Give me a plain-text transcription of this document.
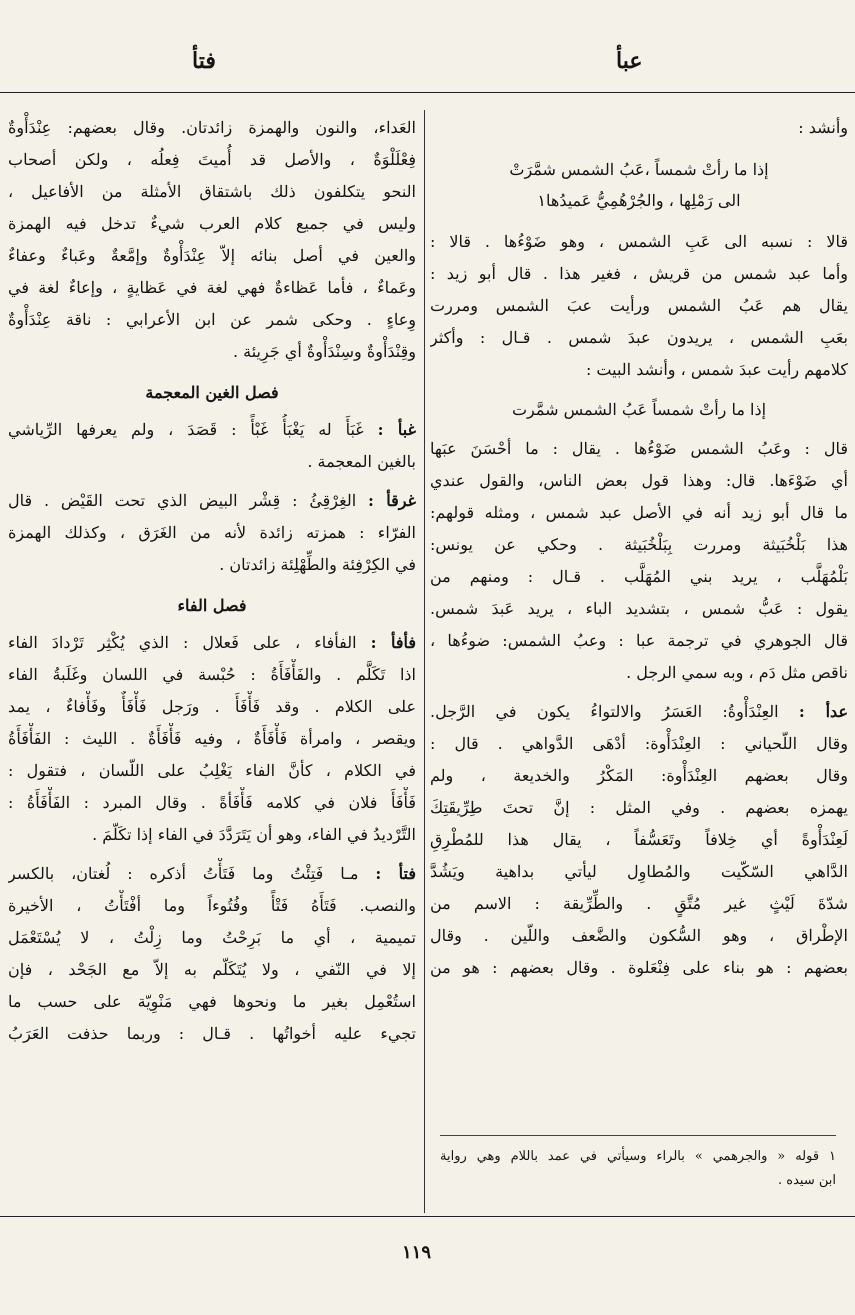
عبأ
فتأ
وأنشد :
إذا ما رأتْ شمساً ،عَبُ الشمس شمَّرَتْ
الى رَمْلِها ، والجُرْهُمِيُّ عَميدُها١
قالا : نسبه الى عَبِ الشمس ، وهو ضَوْءُها . قالا :
وأما عبد شمس من قريش ، فغير هذا . قال أبو زيد :
يقال هم عَبُ الشمس ورأيت عبَ الشمس ومررت
بعَبِ الشمس ، يريدون عبدَ شمس . قـال : وأكثر
كلامهم رأيت عبدَ شمس ، وأنشد البيت :
إذا ما رأتْ شمساً عَبُ الشمس شمَّرت
قال : وعَبُ الشمس ضَوْءُها . يقال : ما أحْسَنَ عبَها
أي ضَوْءَها. قال: وهذا قول بعض الناس، والقول عندي
ما قال أبو زيد أنه في الأصل عبد شمس ، ومثله قولهم:
هذا بَلْخُبَيثة ومررت بِبَلْخُبَيثة . وحكي عن يونس:
بَلْمُهَلَّب ، يريد بني المُهَلَّب . قـال : ومنهم من
يقول : عَبُّ شمس ، بتشديد الباء ، يريد عَبدَ شمس.
قال الجوهري في ترجمة عبا : وعبُ الشمس: ضوءُها ،
ناقص مثل دَم ، وبه سمي الرجل .
عدأ : العِنْدَأْوةُ: العَسَرُ والالتواءُ يكون في الرَّجل.
وقال اللّحياني : العِنْدَأْوة: أدْهَى الدَّواهي . قال :
وقال بعضهم العِنْدَأْوة: المَكْرُ والخديعة ، ولم
يهمزه بعضهم . وفي المثل : إنَّ تحتَ طِرِّيقَتِكَ
لَعِنْدَأْوةً أي خِلافاً وتَعَسُّفاً ، يقال هذا للمُطْرِقِ
الدَّاهي السّكّيت والمُطاوِل ليأتي بداهية ويَشُدَّ
شدّةَ لَيْثٍ غير مُتَّقٍ . والطِّرِّيقة : الاسم من
الإطْراق ، وهو السُّكون والضَّعف واللّين . وقال
بعضهم : هو بناء على فِنْعَلوة . وقال بعضهم : هو من
١ قوله « والجرهمي » بالراء وسيأتي في عمد باللام وهي رواية
ابن سيده .
العَداء، والنون والهمزة زائدتان. وقال بعضهم: عِنْدَأْوةٌ
فِعْلَلْوَةٌ ، والأصل قد أُميتَ فِعلُه ، ولكن أصحاب
النحو يتكلفون ذلك باشتقاق الأمثلة من الأفاعيل ،
وليس في جميع كلام العرب شيءٌ تدخل فيه الهمزة
والعين في أصل بنائه إلاّ عِنْدَأْوةٌ وإمَّعةٌ وعَباءٌ وعفاءٌ
وعَماءٌ ، فأما عَظاءةٌ فهي لغة في عَظايةٍ ، وإعاءٌ لغة في
وِعاءٍ . وحكى شمر عن ابن الأعرابي : ناقة عِنْدَأْوةٌ
وقِنْدَأْوةٌ وسِنْدَأْوةٌ أي جَرِيئة .
فصل الغين المعجمة
غبأ : غَبَأَ له يَغْبَأُ غَبْأً : قَصَدَ ، ولم يعرفها الرِّياشي
بالغين المعجمة .
غرقأ : الغِرْقِئُ : قِشْر البيض الذي تحت القَيْض . قال
الفرّاء : همزته زائدة لأنه من الغَرَق ، وكذلك الهمزة
في الكِرْفِئة والطِّهْلِئة زائدتان .
فصل الفاء
فأفأ : الفأفاء ، على فَعلال : الذي يُكْثِر تَرْدادَ الفاء
اذا تَكَلَّم . والفَأْفَأَةُ : حُبْسة في اللسان وغَلَبةُ الفاء
على الكلام . وقد فَأْفَأَ . ورَجل فَأْفَأٌ وفَأْفاءٌ ، يمد
ويقصر ، وامرأة فَأْفَأَةٌ ، وفيه فَأْفَأَةٌ . الليث : الفَأْفَأَةُ
في الكلام ، كأنَّ الفاء يَغْلِبُ على اللّسان ، فتقول :
فَأْفَأَ فلان في كلامه فَأْفَأةً . وقال المبرد : الفَأْفَأَةُ :
التَّرْديدُ في الفاء، وهو أن يَتَرَدَّدَ في الفاء إذا تكَلّمَ .
فتأ : مـا فَتِئْتُ وما فَتَأْتُ أذكره : لُغتان، بالكسر
والنصب. فَتَأَهُ فَتْأً وفُتُوءاً وما أفْتَأْتُ ، الأخيرة
تميمية ، أي ما بَرِحْتُ وما زِلْتُ ، لا يُسْتَعْمَل
إلا في النّفي ، ولا يُتَكَلّم به إلاّ مع الجَحْد ، فإن
استُعْمِل بغير ما ونحوها فهي مَنْوِيّة على حسب ما
تجيء عليه أخواتُها . قـال : وربما حذفت العَرَبُ
١١٩
